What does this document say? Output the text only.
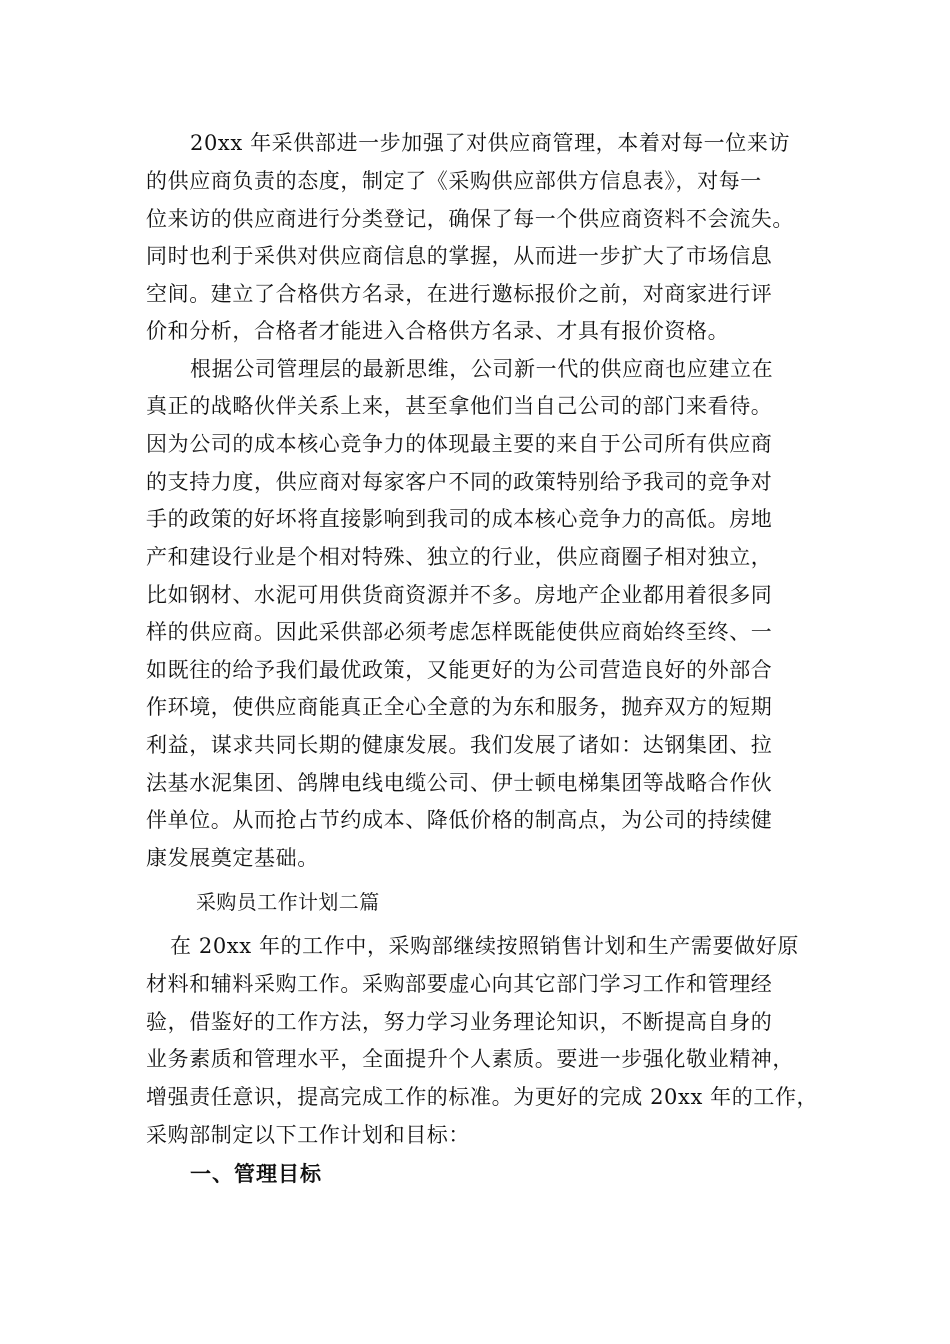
20xx 年采供部进一步加强了对供应商管理，本着对每一位来访
的供应商负责的态度，制定了《采购供应部供方信息表》，对每一
位来访的供应商进行分类登记，确保了每一个供应商资料不会流失。
同时也利于采供对供应商信息的掌握，从而进一步扩大了市场信息
空间。建立了合格供方名录，在进行邀标报价之前，对商家进行评
价和分析，合格者才能进入合格供方名录、才具有报价资格。
根据公司管理层的最新思维，公司新一代的供应商也应建立在
真正的战略伙伴关系上来，甚至拿他们当自己公司的部门来看待。
因为公司的成本核心竞争力的体现最主要的来自于公司所有供应商
的支持力度，供应商对每家客户不同的政策特别给予我司的竞争对
手的政策的好坏将直接影响到我司的成本核心竞争力的高低。房地
产和建设行业是个相对特殊、独立的行业，供应商圈子相对独立，
比如钢材、水泥可用供货商资源并不多。房地产企业都用着很多同
样的供应商。因此采供部必须考虑怎样既能使供应商始终至终、一
如既往的给予我们最优政策，又能更好的为公司营造良好的外部合
作环境，使供应商能真正全心全意的为东和服务，抛弃双方的短期
利益，谋求共同长期的健康发展。我们发展了诸如：达钢集团、拉
法基水泥集团、鸽牌电线电缆公司、伊士顿电梯集团等战略合作伙
伴单位。从而抢占节约成本、降低价格的制高点，为公司的持续健
康发展奠定基础。
采购员工作计划二篇
在 20xx 年的工作中，采购部继续按照销售计划和生产需要做好原
材料和辅料采购工作。采购部要虚心向其它部门学习工作和管理经
验，借鉴好的工作方法，努力学习业务理论知识，不断提高自身的
业务素质和管理水平，全面提升个人素质。要进一步强化敬业精神，
增强责任意识，提高完成工作的标准。为更好的完成 20xx 年的工作，
采购部制定以下工作计划和目标：
一、管理目标
